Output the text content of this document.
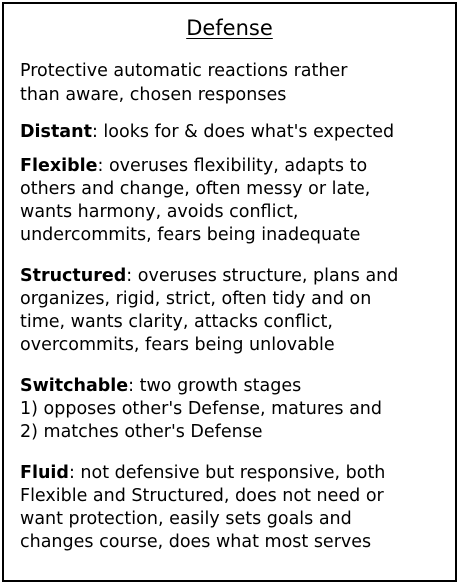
Defense
Protective automatic reactions rather
than aware, chosen responses
Distant: looks for & does what's expected
Flexible: overuses flexibility, adapts to
others and change, often messy or late,
wants harmony, avoids conflict,
undercommits, fears being inadequate
Structured: overuses structure, plans and
organizes, rigid, strict, often tidy and on
time, wants clarity, attacks conflict,
overcommits, fears being unlovable
Switchable: two growth stages
1) opposes other's Defense, matures and
2) matches other's Defense
Fluid: not defensive but responsive, both
Flexible and Structured, does not need or
want protection, easily sets goals and
changes course, does what most serves
